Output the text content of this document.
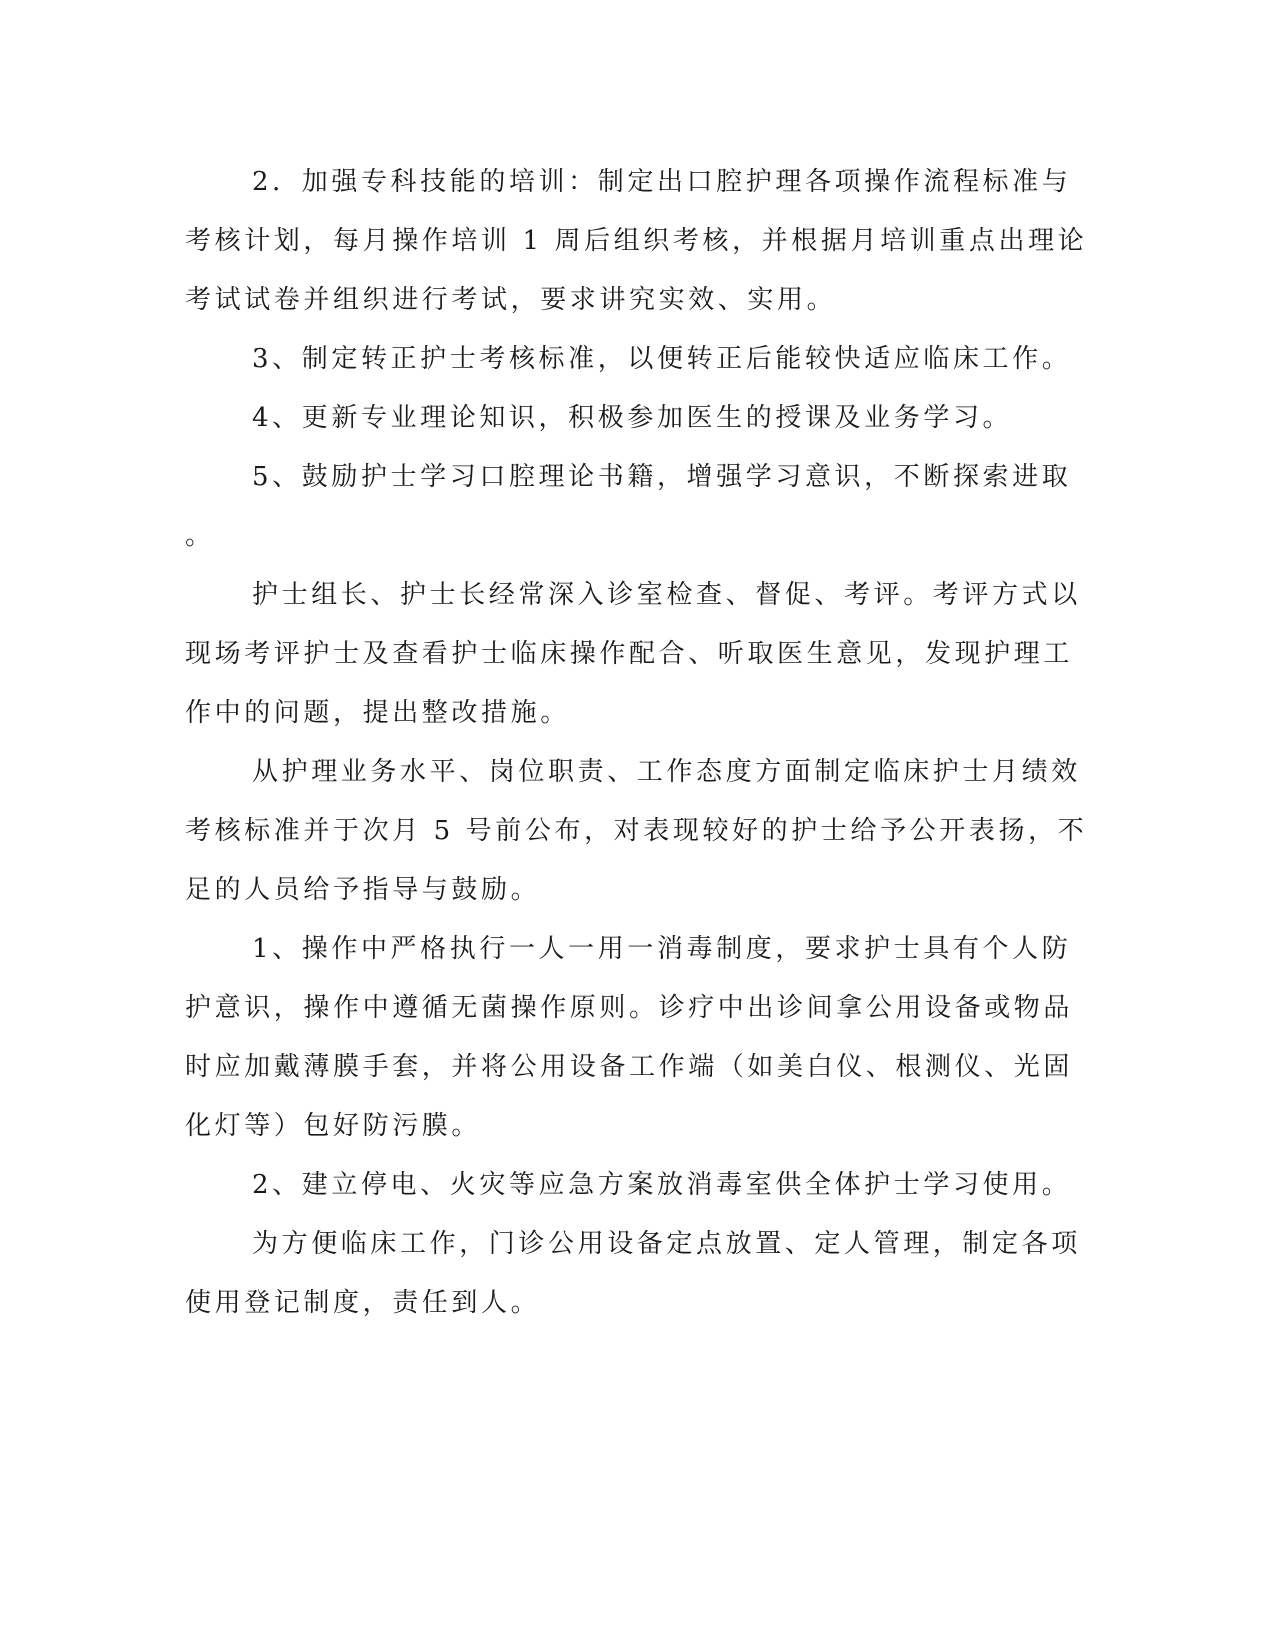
2．加强专科技能的培训：制定出口腔护理各项操作流程标准与
考核计划，每月操作培训 1 周后组织考核，并根据月培训重点出理论
考试试卷并组织进行考试，要求讲究实效、实用。
3、制定转正护士考核标准，以便转正后能较快适应临床工作。
4、更新专业理论知识，积极参加医生的授课及业务学习。
5、鼓励护士学习口腔理论书籍，增强学习意识，不断探索进取
。
护士组长、护士长经常深入诊室检查、督促、考评。考评方式以
现场考评护士及查看护士临床操作配合、听取医生意见，发现护理工
作中的问题，提出整改措施。
从护理业务水平、岗位职责、工作态度方面制定临床护士月绩效
考核标准并于次月 5 号前公布，对表现较好的护士给予公开表扬，不
足的人员给予指导与鼓励。
1、操作中严格执行一人一用一消毒制度，要求护士具有个人防
护意识，操作中遵循无菌操作原则。诊疗中出诊间拿公用设备或物品
时应加戴薄膜手套，并将公用设备工作端（如美白仪、根测仪、光固
化灯等）包好防污膜。
2、建立停电、火灾等应急方案放消毒室供全体护士学习使用。
为方便临床工作，门诊公用设备定点放置、定人管理，制定各项
使用登记制度，责任到人。
